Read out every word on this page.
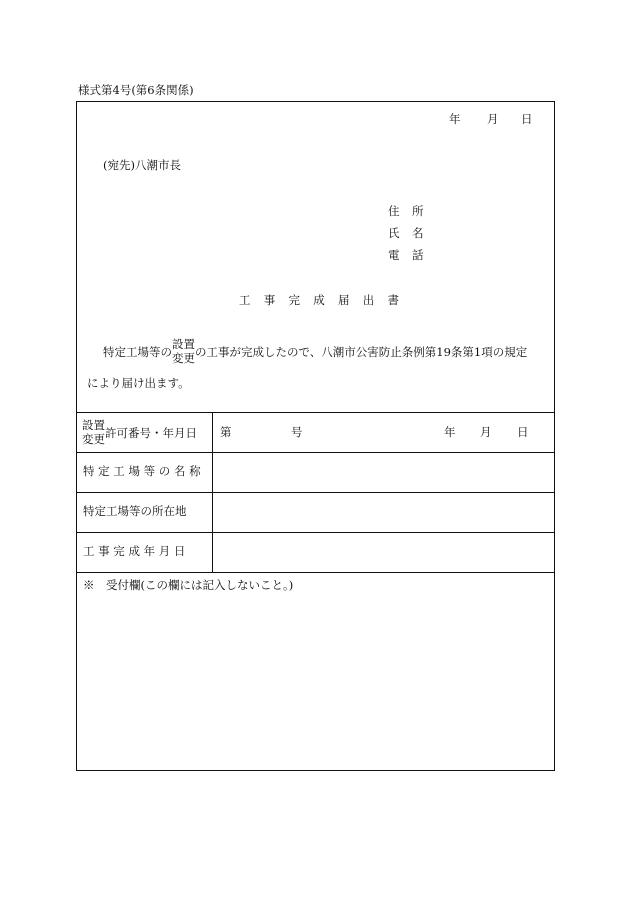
様式第4号(第6条関係)
年 月 日
(宛先)八潮市長
住 所
氏 名
電 話
工 事 完 成 届 出 書
特定工場等の
設置
変更 の工事が完成したので、八潮市公害防止条例第19条第1項の規定
により届け出ます。
設置
変更 許可番号・年月日 第	号	年 月 日
特 定 工 場 等 の 名 称
特定工場等の所在地
工 事 完 成 年 月 日
※　受付欄(この欄には記入しないこと。)
